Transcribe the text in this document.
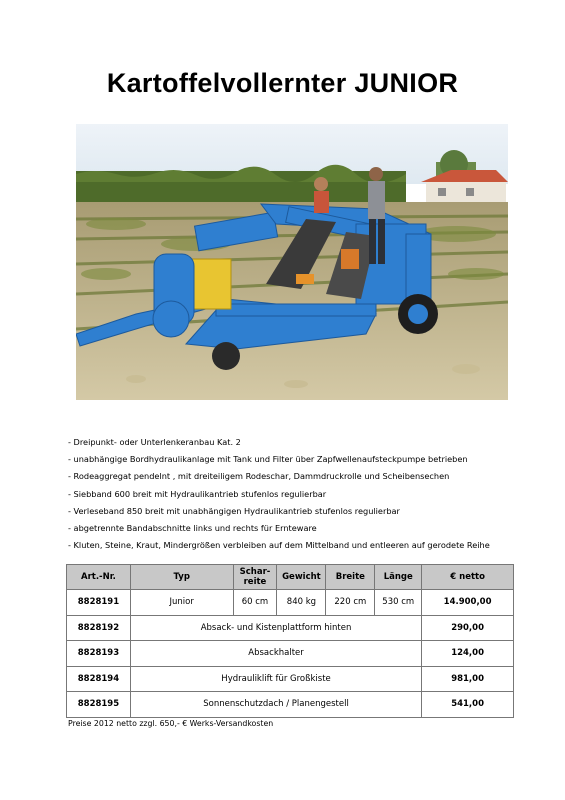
Kartoffelvollernter JUNIOR
- Dreipunkt- oder Unterlenkeranbau Kat. 2
- unabhängige Bordhydraulikanlage mit Tank und Filter über Zapfwellenaufsteckpumpe betrieben
- Rodeaggregat pendelnt , mit dreiteiligem Rodeschar, Dammdruckrolle und Scheibensechen
- Siebband 600 breit mit Hydraulikantrieb stufenlos regulierbar
- Verleseband 850 breit mit unabhängigen Hydraulikantrieb stufenlos regulierbar
- abgetrennte Bandabschnitte links und rechts für Ernteware
- Kluten, Steine, Kraut, Mindergrößen verbleiben auf dem Mittelband und entleeren auf gerodete Reihe
Art.-Nr.	Typ	Schar-
reite	Gewicht	Breite	Länge	€ netto
8828191	Junior	60 cm	840 kg	220 cm	530 cm	14.900,00
8828192	Absack- und Kistenplattform hinten					290,00
8828193	Absackhalter					124,00
8828194	Hydrauliklift für Großkiste					981,00
8828195	Sonnenschutzdach / Planengestell					541,00
Preise 2012 netto zzgl. 650,- € Werks-Versandkosten
